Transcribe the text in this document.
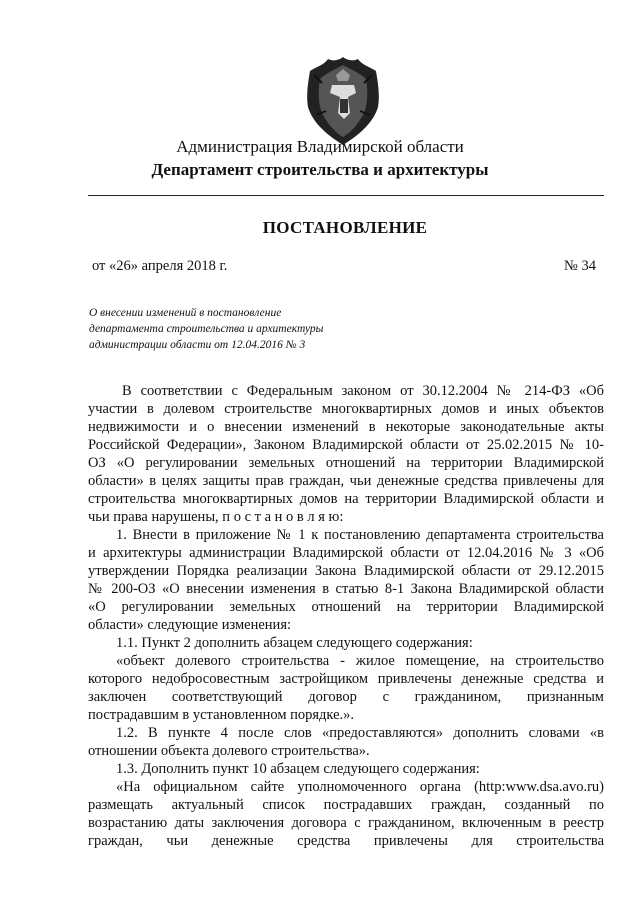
Администрация Владимирской области
Департамент строительства и архитектуры
ПОСТАНОВЛЕНИЕ
от «26» апреля 2018 г.	№ 34
О внесении изменений в постановление
департамента строительства и архитектуры
администрации области от 12.04.2016 № 3
В соответствии с Федеральным законом от 30.12.2004 № 214-ФЗ «Об
участии в долевом строительстве многоквартирных домов и иных объектов
недвижимости и о внесении изменений в некоторые законодательные акты
Российской Федерации», Законом Владимирской области от 25.02.2015 № 10-
ОЗ «О регулировании земельных отношений на территории Владимирской
области» в целях защиты прав граждан, чьи денежные средства привлечены для
строительства многоквартирных домов на территории Владимирской области и
чьи права нарушены, п о с т а н о в л я ю:
1. Внести в приложение № 1 к постановлению департамента строительства
и архитектуры администрации Владимирской области от 12.04.2016 № 3 «Об
утверждении Порядка реализации Закона Владимирской области от 29.12.2015
№ 200-ОЗ «О внесении изменения в статью 8-1 Закона Владимирской области
«О регулировании земельных отношений на территории Владимирской
области» следующие изменения:
1.1. Пункт 2 дополнить абзацем следующего содержания:
«объект долевого строительства - жилое помещение, на строительство
которого недобросовестным застройщиком привлечены денежные средства и
заключен соответствующий договор с гражданином, признанным
пострадавшим в установленном порядке.».
1.2. В пункте 4 после слов «предоставляются» дополнить словами «в
отношении объекта долевого строительства».
1.3. Дополнить пункт 10 абзацем следующего содержания:
«На официальном сайте уполномоченного органа (http:www.dsa.avo.ru)
размещать актуальный список пострадавших граждан, созданный по
возрастанию даты заключения договора с гражданином, включенным в реестр
граждан, чьи денежные средства привлечены для строительства
